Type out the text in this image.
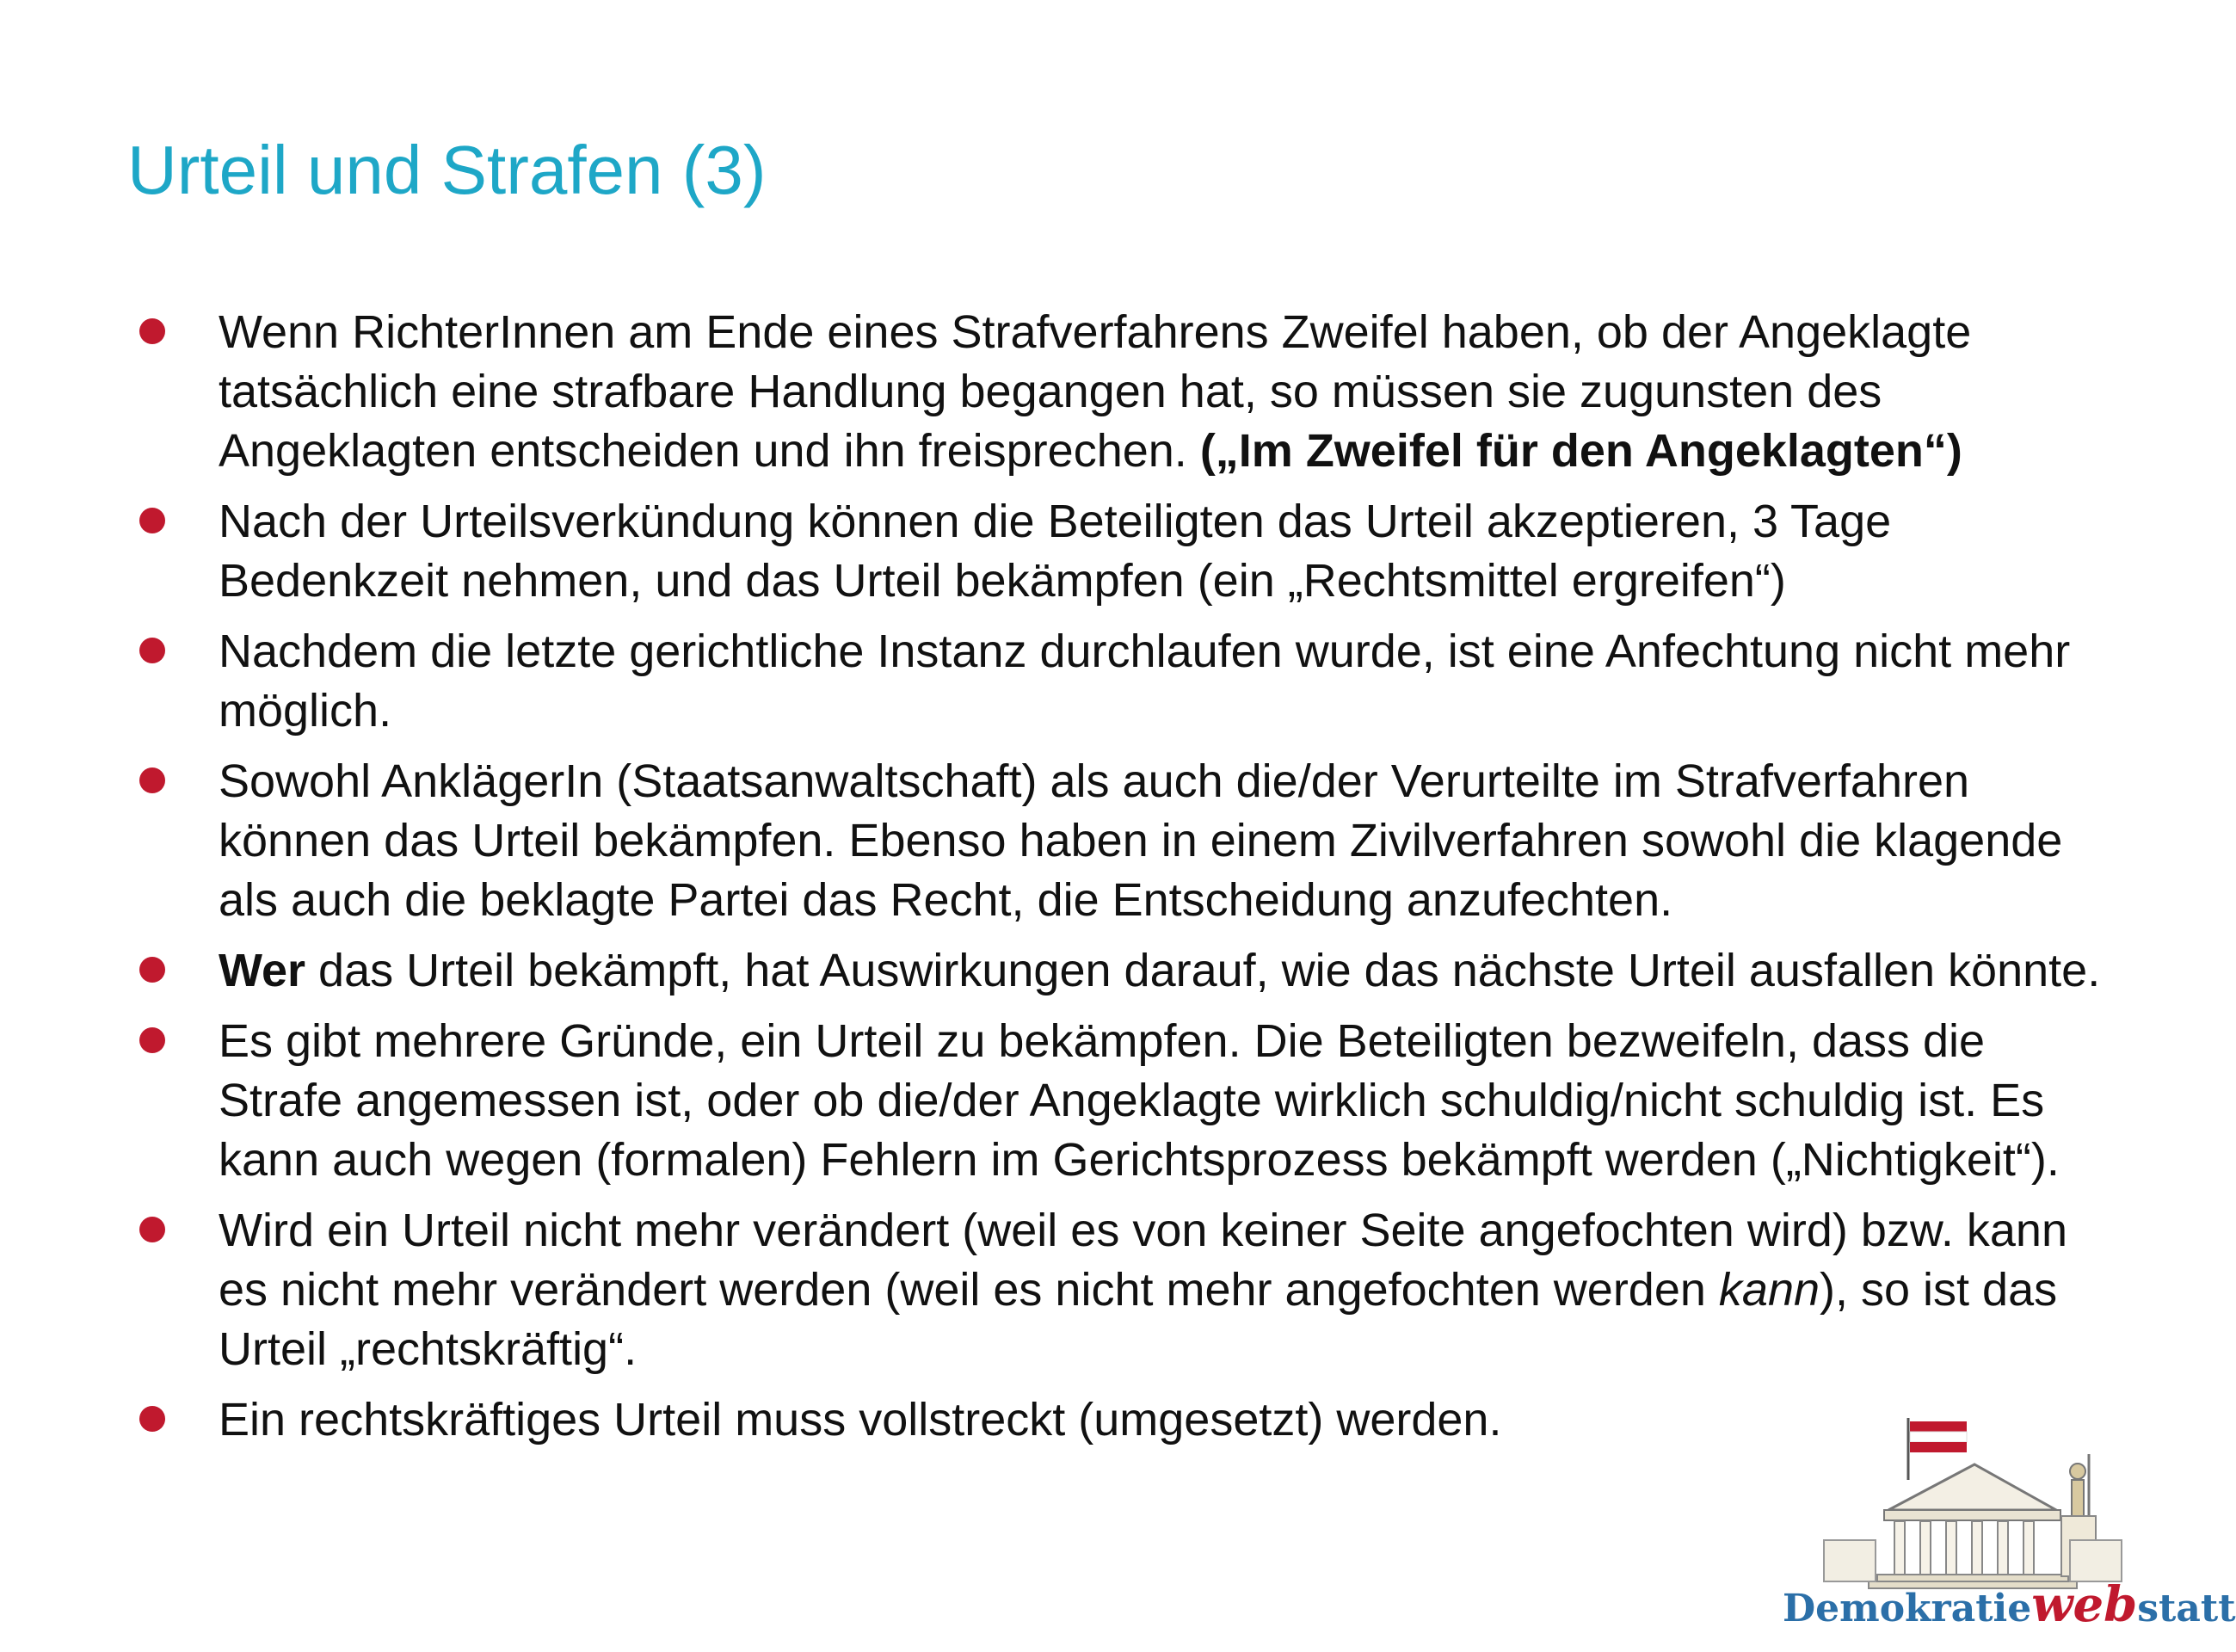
Urteil und Strafen (3)
Wenn RichterInnen am Ende eines Strafverfahrens Zweifel haben, ob der Angeklagte tatsächlich eine strafbare Handlung begangen hat, so müssen sie zugunsten des Angeklagten entscheiden und ihn freisprechen. („Im Zweifel für den Angeklagten“)
Nach der Urteilsverkündung können die Beteiligten das Urteil akzeptieren, 3 Tage Bedenkzeit nehmen, und das Urteil bekämpfen (ein „Rechtsmittel ergreifen“)
Nachdem die letzte gerichtliche Instanz durchlaufen wurde, ist eine Anfechtung nicht mehr möglich.
Sowohl AnklägerIn (Staatsanwaltschaft) als auch die/der Verurteilte im Strafverfahren können das Urteil bekämpfen. Ebenso haben in einem Zivilverfahren sowohl die klagende als auch die beklagte Partei das Recht, die Entscheidung anzufechten.
Wer das Urteil bekämpft, hat Auswirkungen darauf, wie das nächste Urteil ausfallen könnte.
Es gibt mehrere Gründe, ein Urteil zu bekämpfen. Die Beteiligten bezweifeln, dass die Strafe angemessen ist, oder ob die/der Angeklagte wirklich schuldig/nicht schuldig ist. Es kann auch wegen (formalen) Fehlern im Gerichtsprozess bekämpft werden („Nichtigkeit“).
Wird ein Urteil nicht mehr verändert (weil es von keiner Seite angefochten wird) bzw. kann es nicht mehr verändert werden (weil es nicht mehr angefochten werden kann), so ist das Urteil „rechtskräftig“.
Ein rechtskräftiges Urteil muss vollstreckt (umgesetzt) werden.
Demokratiewebstatt
